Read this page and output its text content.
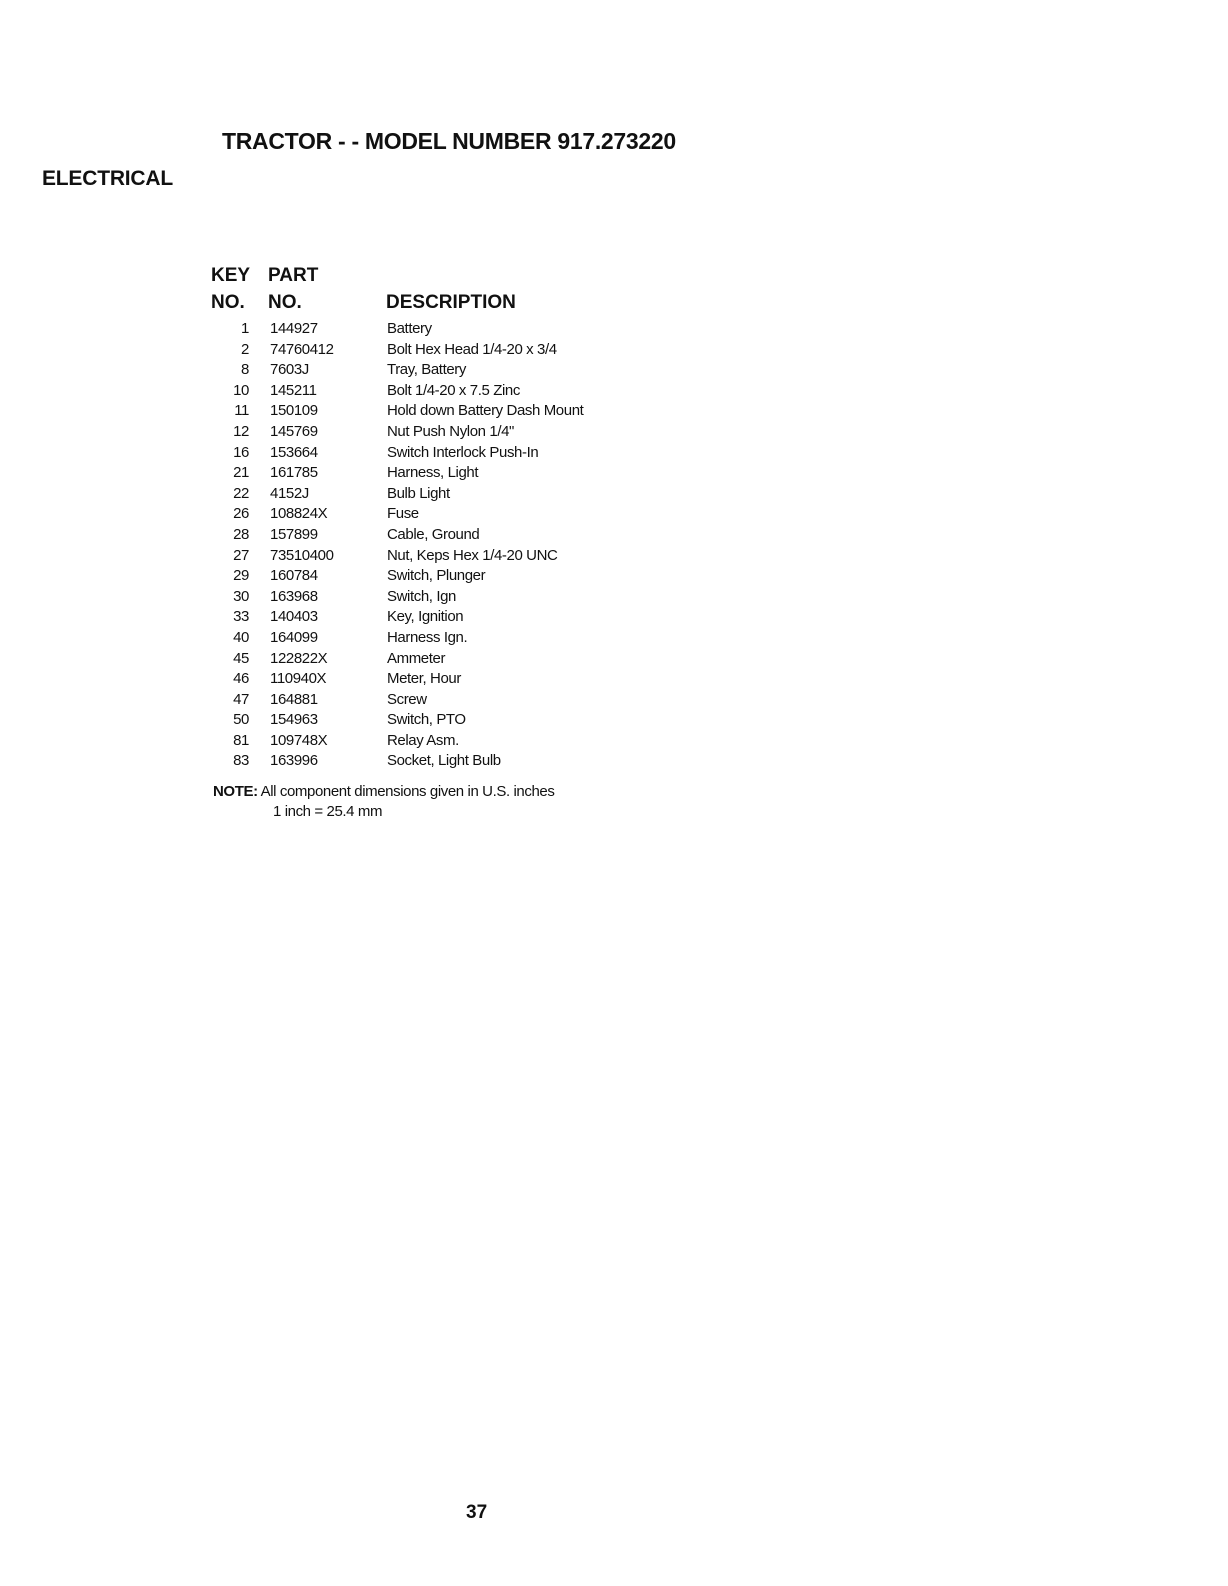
TRACTOR - - MODEL NUMBER 917.273220
ELECTRICAL
KEY PART
NO. NO.	DESCRIPTION
1 144927	Battery
2 74760412	Bolt Hex Head 1/4-20 x 3/4
8 7603J	Tray, Battery
10 145211	Bolt 1/4-20 x 7.5 Zinc
11 150109	Hold down Battery Dash Mount
12 145769	Nut Push Nylon 1/4"
16 153664	Switch Interlock Push-In
21 161785	Harness, Light
22 4152J	Bulb Light
26 108824X	Fuse
28 157899	Cable, Ground
27 73510400	Nut, Keps Hex 1/4-20 UNC
29 160784	Switch, Plunger
30 163968	Switch, Ign
33 140403	Key, Ignition
40 164099	Harness Ign.
45 122822X	Ammeter
46 110940X	Meter, Hour
47 164881	Screw
50 154963	Switch, PTO
81 109748X	Relay Asm.
83 163996	Socket, Light Bulb
NOTE: All component dimensions given in U.S. inches
1 inch = 25.4 mm
37
